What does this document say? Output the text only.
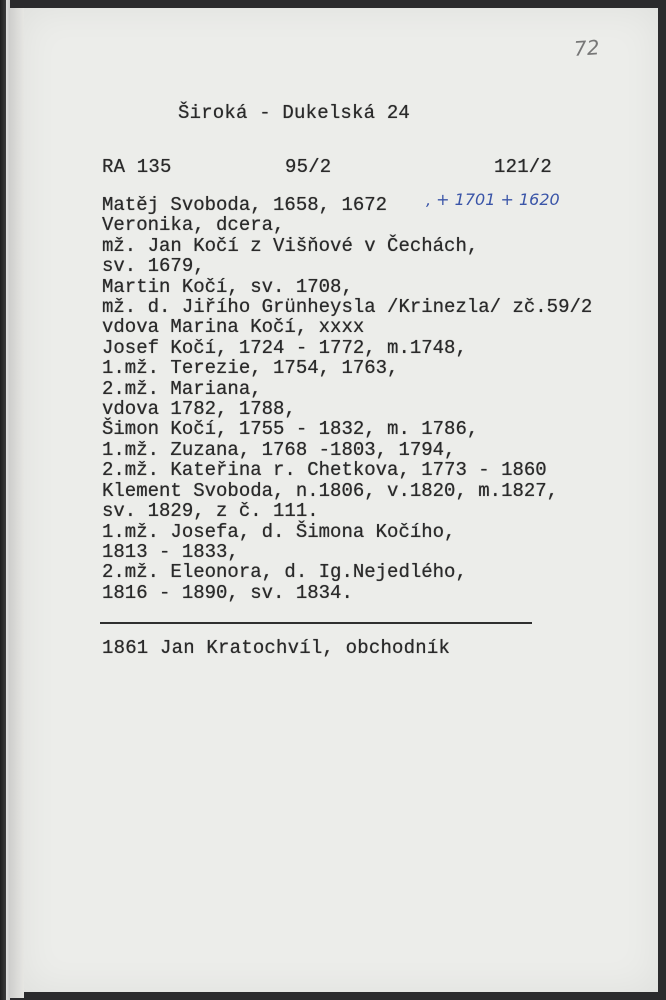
72
Široká - Dukelská 24
RA 135	95/2	121/2
Matěj Svoboda, 1658, 1672
Veronika, dcera,
mž. Jan Kočí z Višňové v Čechách,
sv. 1679,
Martin Kočí, sv. 1708,
mž. d. Jiřího Grünheysla /Krinezla/ zč.59/2
vdova Marina Kočí, xxxx
Josef Kočí, 1724 - 1772, m.1748,
1.mž. Terezie, 1754, 1763,
2.mž. Mariana,
vdova 1782, 1788,
Šimon Kočí, 1755 - 1832, m. 1786,
1.mž. Zuzana, 1768 -1803, 1794,
2.mž. Kateřina r. Chetkova, 1773 - 1860
Klement Svoboda, n.1806, v.1820, m.1827,
sv. 1829, z č. 111.
1.mž. Josefa, d. Šimona Kočího,
1813 - 1833,
2.mž. Eleonora, d. Ig.Nejedlého,
1816 - 1890, sv. 1834.
, + 1701 + 1620
1861 Jan Kratochvíl, obchodník
